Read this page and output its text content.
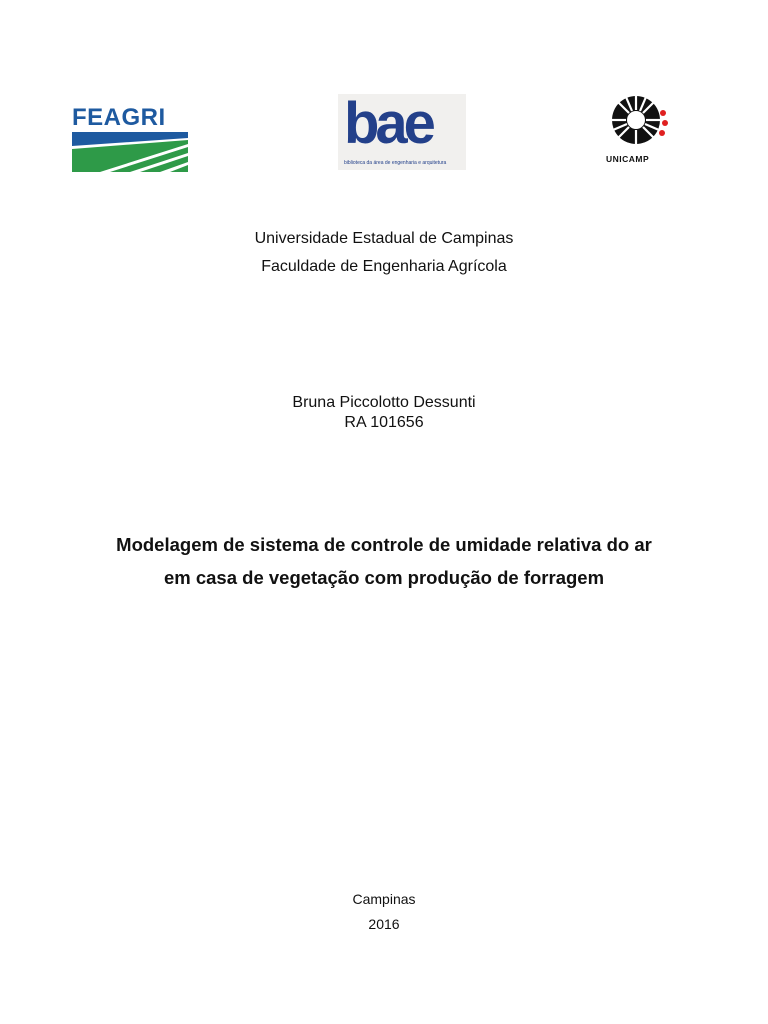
FEAGRI	bae
biblioteca da área de engenharia e arquitetura	UNICAMP
Universidade Estadual de Campinas
Faculdade de Engenharia Agrícola
Bruna Piccolotto Dessunti
RA 101656
Modelagem de sistema de controle de umidade relativa do ar
em casa de vegetação com produção de forragem
Campinas
2016
